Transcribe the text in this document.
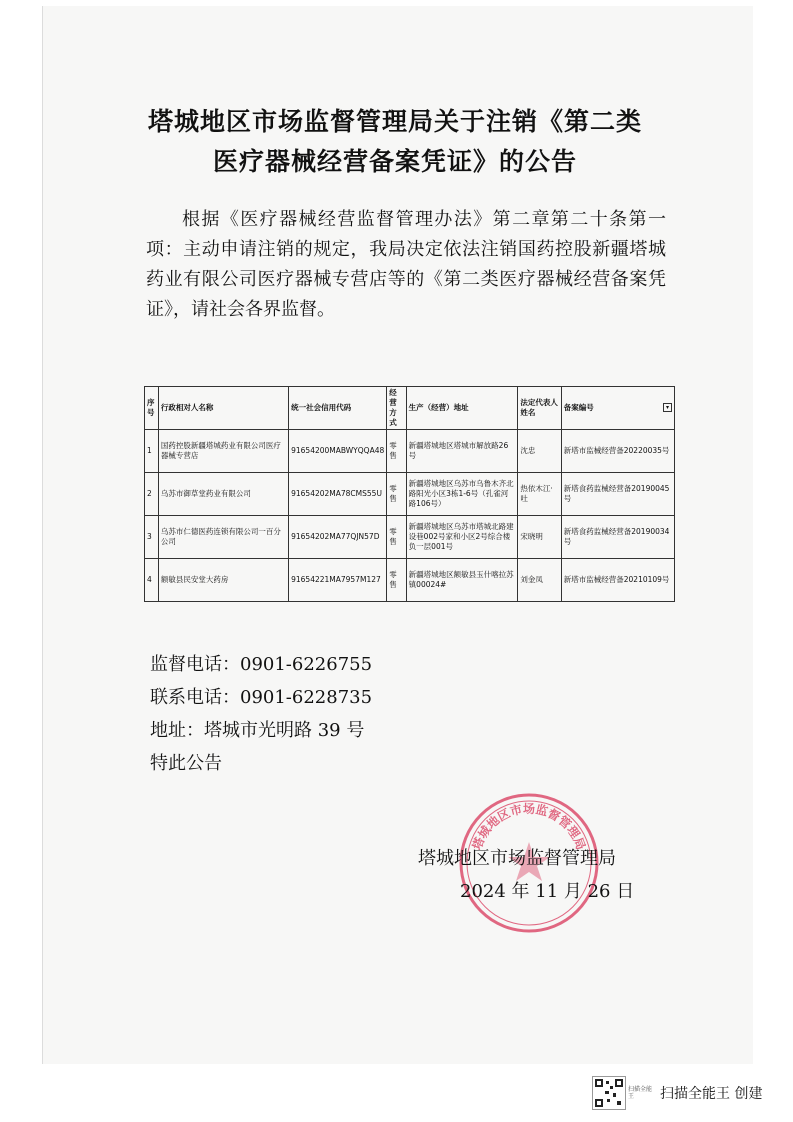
塔城地区市场监督管理局关于注销《第二类
医疗器械经营备案凭证》的公告

根据《医疗器械经营监督管理办法》第二章第二十条第一项：主动申请注销的规定，我局决定依法注销国药控股新疆塔城药业有限公司医疗器械专营店等的《第二类医疗器械经营备案凭证》，请社会各界监督。

序号	行政相对人名称	统一社会信用代码	经营方式	生产（经营）地址	法定代表人姓名	备案编号 ▾

1	国药控股新疆塔城药业有限公司医疗器械专营店	91654200MABWYQQA48	零售	新疆塔城地区塔城市解放路26号	沈忠	新塔市监械经营备20220035号
2	乌苏市御草堂药业有限公司	91654202MA78CMS55U	零售	新疆塔城地区乌苏市乌鲁木齐北路阳光小区3栋1-6号（孔雀河路106号）	热依木江·吐	新塔食药监械经营备20190045号
3	乌苏市仁德医药连锁有限公司一百分公司	91654202MA77QJN57D	零售	新疆塔城地区乌苏市塔城北路建设巷002号家和小区2号综合楼负一层001号	宋晓明	新塔食药监械经营备20190034号
4	额敏县民安堂大药房	91654221MA7957M127	零售	新疆塔城地区额敏县玉什喀拉苏镇00024#	刘金凤	新塔市监械经营备20210109号
监督电话：0901-6226755
联系电话：0901-6228735
地址：塔城市光明路 39 号
特此公告
塔城地区市场监督管理局
塔城地区市场监督管理局
2024 年 11 月 26 日
扫描全能王	扫描全能王 创建
